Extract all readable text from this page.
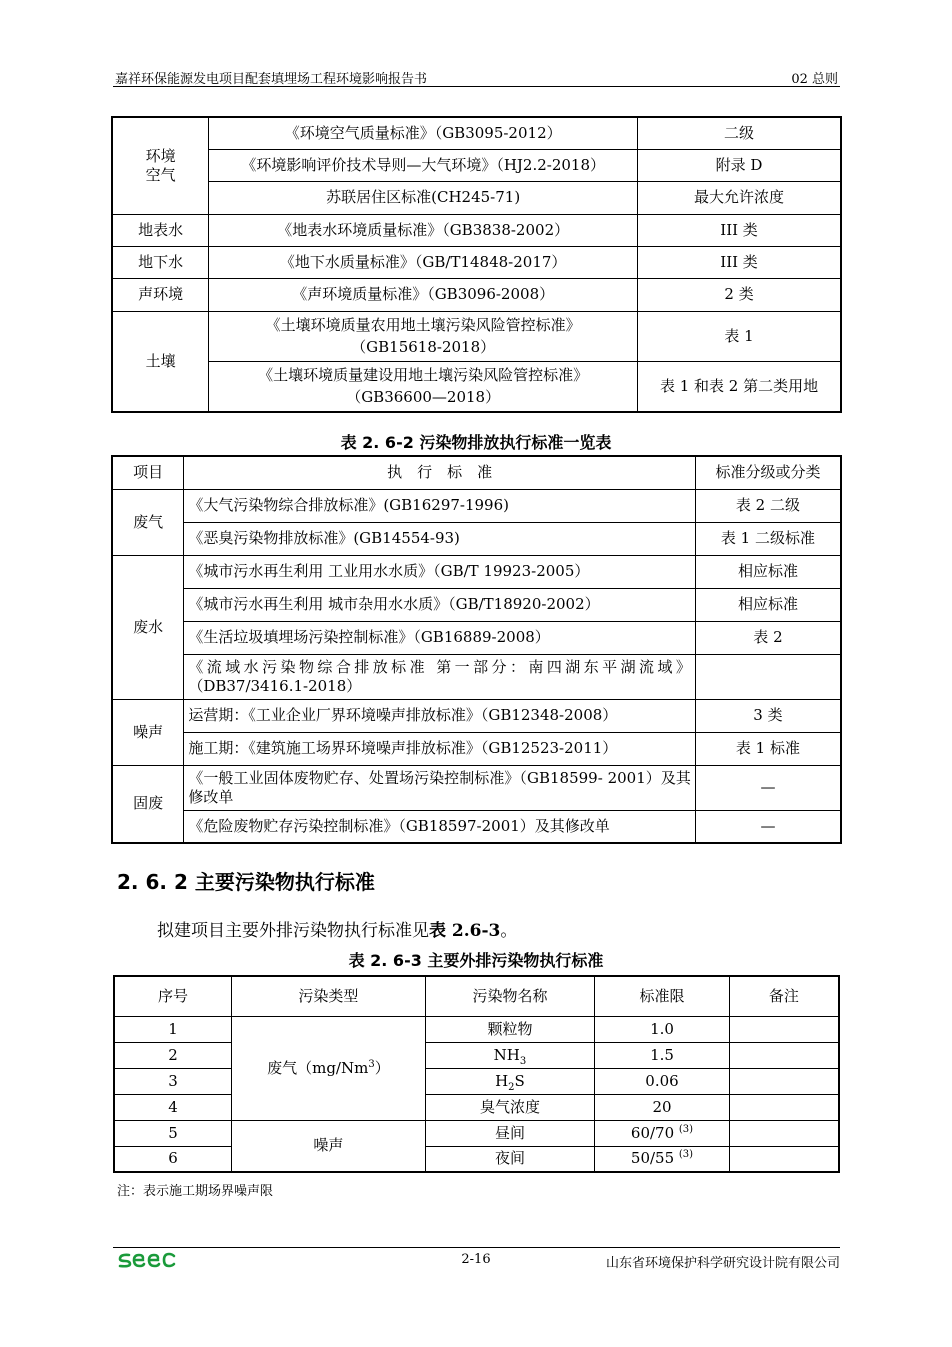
嘉祥环保能源发电项目配套填埋场工程环境影响报告书	02 总则
环境
空气	《环境空气质量标准》（GB3095-2012）	二级
	《环境影响评价技术导则—大气环境》（HJ2.2-2018）	附录 D
	苏联居住区标准(CH245-71)	最大允许浓度
地表水	《地表水环境质量标准》（GB3838-2002）	III 类
地下水	《地下水质量标准》（GB/T14848-2017）	III 类
声环境	《声环境质量标准》（GB3096-2008）	2 类
土壤	《土壤环境质量农用地土壤污染风险管控标准》
（GB15618-2018）	表 1
	《土壤环境质量建设用地土壤污染风险管控标准》
（GB36600—2018）	表 1 和表 2 第二类用地
表 2. 6-2 污染物排放执行标准一览表
项目	执　行　标　准	标准分级或分类
废气	《大气污染物综合排放标准》(GB16297-1996)	表 2 二级
	《恶臭污染物排放标准》(GB14554-93)	表 1 二级标准
废水	《城市污水再生利用 工业用水水质》（GB/T 19923-2005）	相应标准
	《城市污水再生利用 城市杂用水水质》（GB/T18920-2002）	相应标准
	《生活垃圾填埋场污染控制标准》（GB16889-2008）	表 2
	《流域水污染物综合排放标准 第一部分：南四湖东平湖流域》（DB37/3416.1-2018）	
噪声	运营期：《工业企业厂界环境噪声排放标准》（GB12348-2008）	3 类
	施工期：《建筑施工场界环境噪声排放标准》（GB12523-2011）	表 1 标准
固废	《一般工业固体废物贮存、处置场污染控制标准》（GB18599- 2001）及其修改单	—
	《危险废物贮存污染控制标准》（GB18597-2001）及其修改单	—
2. 6. 2 主要污染物执行标准
拟建项目主要外排污染物执行标准见表 2.6-3。
表 2. 6-3 主要外排污染物执行标准
序号	污染类型	污染物名称	标准限	备注
1	废气（mg/Nm$^3$）	颗粒物	1.0	
2		$NH_3$	1.5	
3		$H_2S$	0.06	
4		臭气浓度	20	
5	噪声	昼间	60/70 $^{(3)}$	
6		夜间	50/55 $^{(3)}$	
注：表示施工期场界噪声限
2-16	山东省环境保护科学研究设计院有限公司
